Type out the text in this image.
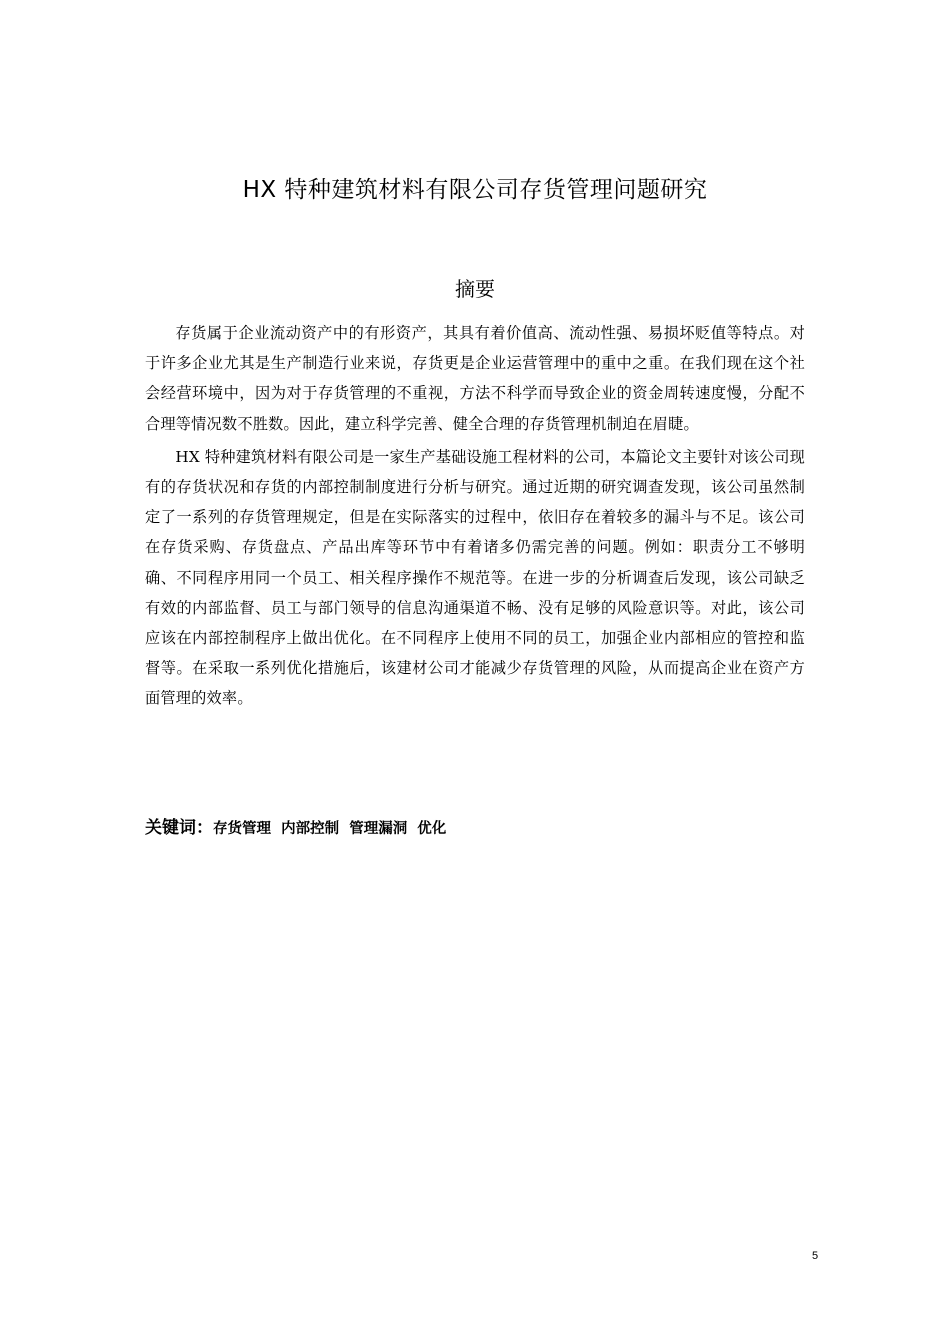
HX 特种建筑材料有限公司存货管理问题研究
摘要

存货属于企业流动资产中的有形资产，其具有着价值高、流动性强、易损坏贬值等特点。对于许多企业尤其是生产制造行业来说，存货更是企业运营管理中的重中之重。在我们现在这个社会经营环境中，因为对于存货管理的不重视，方法不科学而导致企业的资金周转速度慢，分配不合理等情况数不胜数。因此，建立科学完善、健全合理的存货管理机制迫在眉睫。

HX 特种建筑材料有限公司是一家生产基础设施工程材料的公司，本篇论文主要针对该公司现有的存货状况和存货的内部控制制度进行分析与研究。通过近期的研究调查发现，该公司虽然制定了一系列的存货管理规定，但是在实际落实的过程中，依旧存在着较多的漏斗与不足。该公司在存货采购、存货盘点、产品出库等环节中有着诸多仍需完善的问题。例如：职责分工不够明确、不同程序用同一个员工、相关程序操作不规范等。在进一步的分析调查后发现，该公司缺乏有效的内部监督、员工与部门领导的信息沟通渠道不畅、没有足够的风险意识等。对此，该公司应该在内部控制程序上做出优化。在不同程序上使用不同的员工，加强企业内部相应的管控和监督等。在采取一系列优化措施后，该建材公司才能减少存货管理的风险，从而提高企业在资产方面管理的效率。

关键词：存货管理  内部控制  管理漏洞  优化
5
